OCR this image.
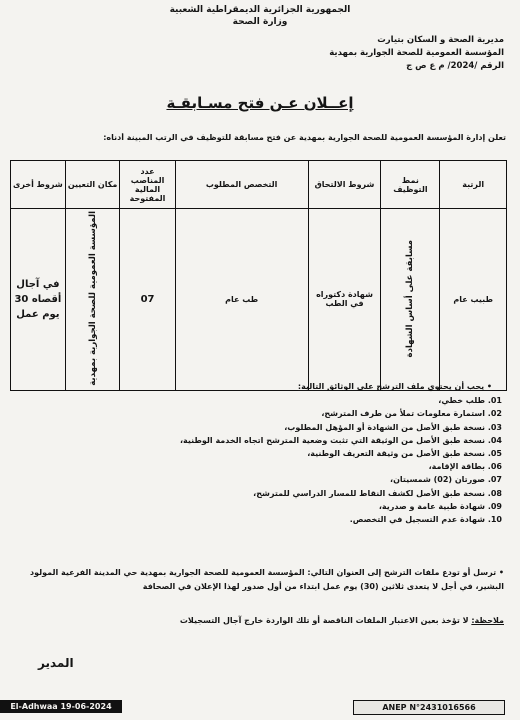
الجمهورية الجزائرية الديمقراطية الشعبية
وزارة الصحة
مديرية الصحة و السكان بتيارت
المؤسسة العمومية للصحة الجوارية بمهدية
الرقم /2024/ م ع ص ج
إعــلان عـن فتح مسـابقـة
تعلن إدارة المؤسسة العمومية للصحة الجوارية بمهدية عن فتح مسابقة للتوظيف في الرتب المبينة أدناه:
الرتبة	نمط التوظيف	شروط الالتحاق	التخصص المطلوب	عدد المناصب المالية المفتوحة	مكان التعيين	شروط أخرى
طبيب عام	مسابقة على أساس الشهادة	شهادة دكتوراه في الطب	طب عام	07	المؤسسة العمومية للصحة الجوارية بمهدية	في آجال أقصاه 30 يوم عمل
• يجب أن يحتوي ملف الترشح على الوثائق التالية:
01. طلب خطي،
02. استمارة معلومات تملأ من طرف المترشح،
03. نسخة طبق الأصل من الشهادة أو المؤهل المطلوب،
04. نسخة طبق الأصل من الوثيقة التي تثبت وضعية المترشح اتجاه الخدمة الوطنية،
05. نسخة طبق الأصل من وثيقة التعريف الوطنية،
06. بطاقة الإقامة،
07. صورتان (02) شمسيتان،
08. نسخة طبق الأصل لكشف النقاط للمسار الدراسي للمترشح،
09. شهادة طبية عامة و صدرية،
10. شهادة عدم التسجيل في التخصص.
• ترسل أو تودع ملفات الترشح إلى العنوان التالي: المؤسسة العمومية للصحة الجوارية بمهدية حي المدينة الفرعية المولود البشير، في أجل لا يتعدى ثلاثين (30) يوم عمل ابتداء من أول صدور لهذا الإعلان في الصحافة
ملاحظة: لا تؤخذ بعين الاعتبار الملفات الناقصة أو تلك الواردة خارج آجال التسجيلات
المدير
El-Adhwaa 19-06-2024	ANEP N°2431016566
